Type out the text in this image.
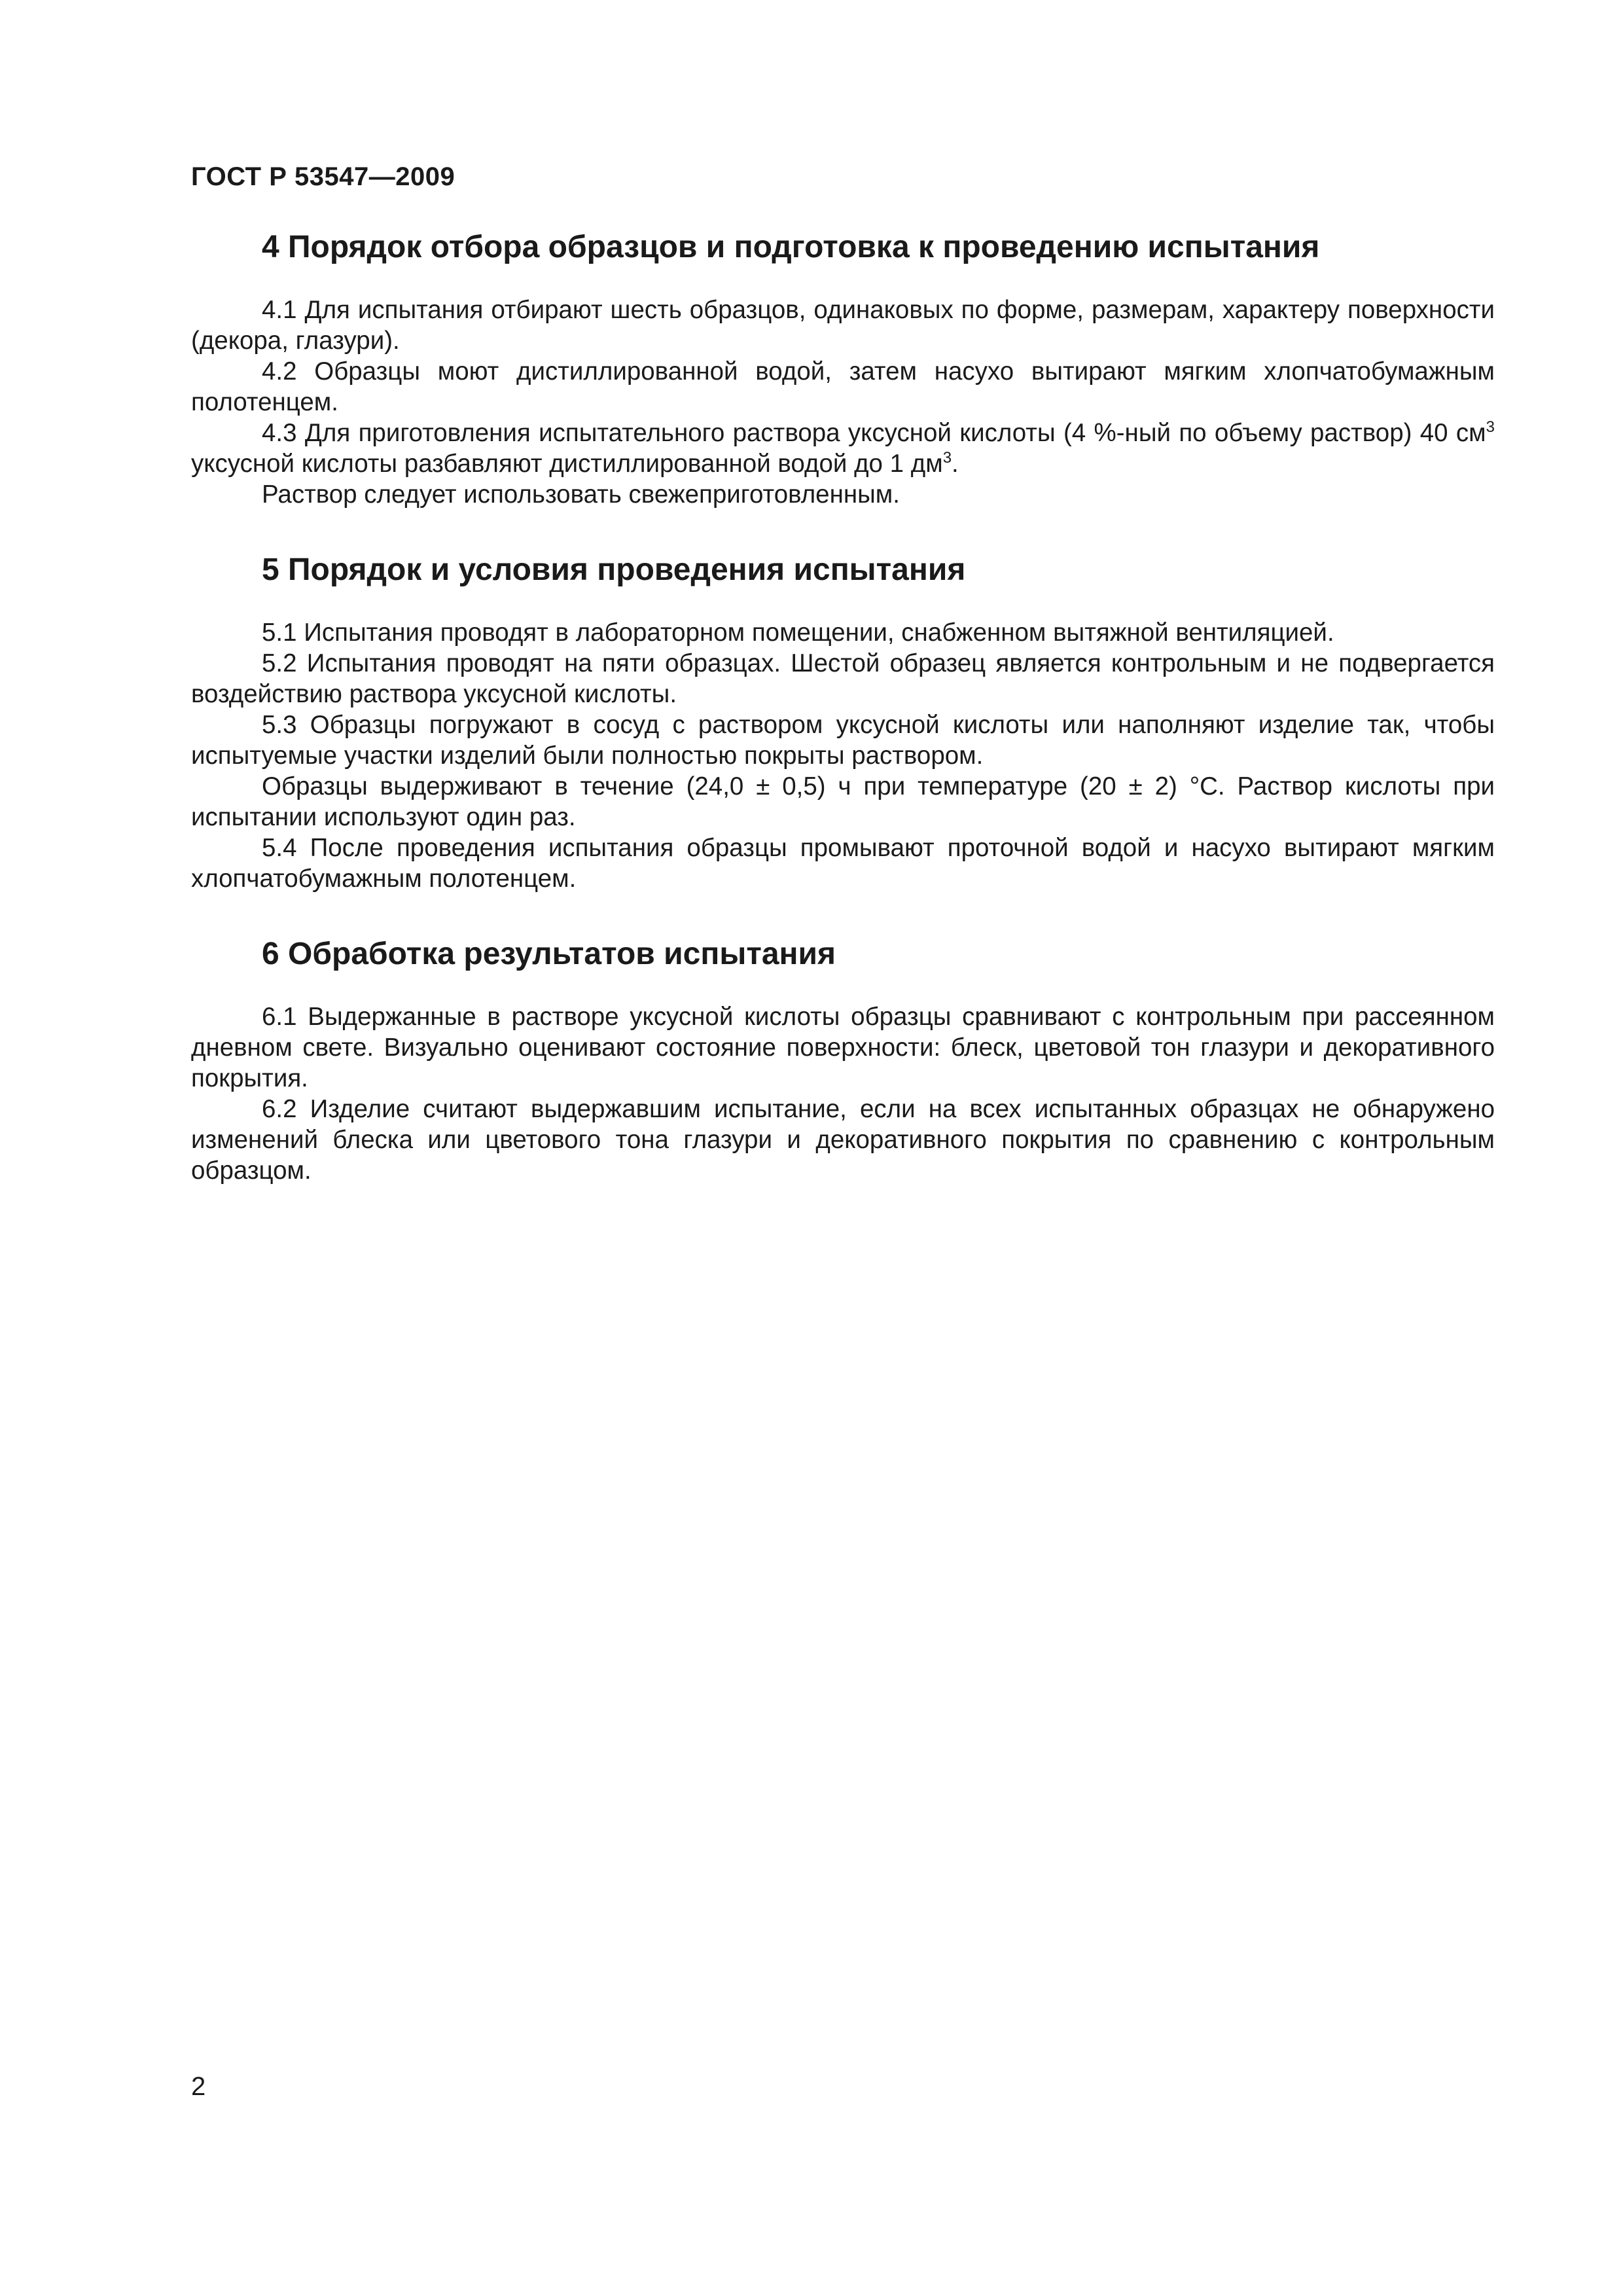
ГОСТ Р 53547—2009
4 Порядок отбора образцов и подготовка к проведению испытания

4.1 Для испытания отбирают шесть образцов, одинаковых по форме, размерам, характеру поверхности (декора, глазури).

4.2 Образцы моют дистиллированной водой, затем насухо вытирают мягким хлопчатобумажным полотенцем.

4.3 Для приготовления испытательного раствора уксусной кислоты (4 %-ный по объему раствор) 40 $см^3$ уксусной кислоты разбавляют дистиллированной водой до 1 $дм^3$.

Раствор следует использовать свежеприготовленным.

5 Порядок и условия проведения испытания

5.1 Испытания проводят в лабораторном помещении, снабженном вытяжной вентиляцией.

5.2 Испытания проводят на пяти образцах. Шестой образец является контрольным и не подвергается воздействию раствора уксусной кислоты.

5.3 Образцы погружают в сосуд с раствором уксусной кислоты или наполняют изделие так, чтобы испытуемые участки изделий были полностью покрыты раствором.

Образцы выдерживают в течение (24,0 ± 0,5) ч при температуре (20 ± 2) °С. Раствор кислоты при испытании используют один раз.

5.4 После проведения испытания образцы промывают проточной водой и насухо вытирают мягким хлопчатобумажным полотенцем.

6 Обработка результатов испытания

6.1 Выдержанные в растворе уксусной кислоты образцы сравнивают с контрольным при рассеянном дневном свете. Визуально оценивают состояние поверхности: блеск, цветовой тон глазури и декоративного покрытия.

6.2 Изделие считают выдержавшим испытание, если на всех испытанных образцах не обнаружено изменений блеска или цветового тона глазури и декоративного покрытия по сравнению с контрольным образцом.

2
